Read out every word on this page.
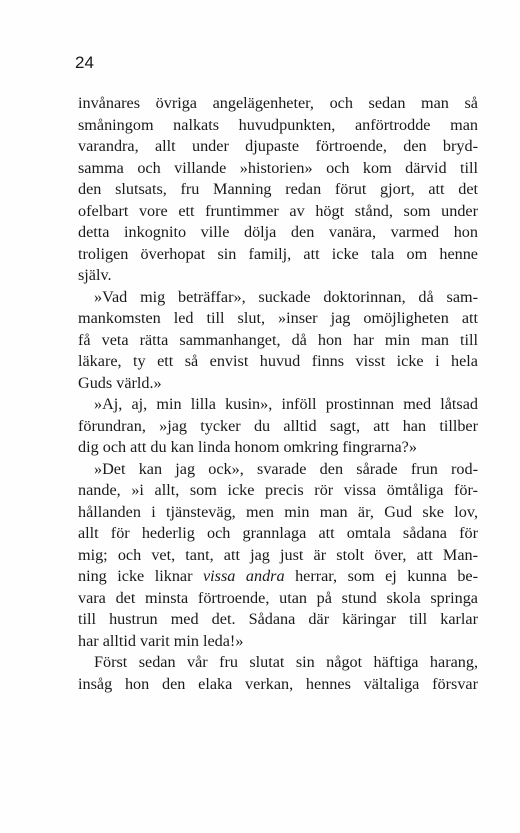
24
invånares övriga angelägenheter, och sedan man så
småningom nalkats huvudpunkten, anförtrodde man
varandra, allt under djupaste förtroende, den bryd-
samma och villande »historien» och kom därvid till
den slutsats, fru Manning redan förut gjort, att det
ofelbart vore ett fruntimmer av högt stånd, som under
detta inkognito ville dölja den vanära, varmed hon
troligen överhopat sin familj, att icke tala om henne
själv.
»Vad mig beträffar», suckade doktorinnan, då sam-
mankomsten led till slut, »inser jag omöjligheten att
få veta rätta sammanhanget, då hon har min man till
läkare, ty ett så envist huvud finns visst icke i hela
Guds värld.»
»Aj, aj, min lilla kusin», inföll prostinnan med låtsad
förundran, »jag tycker du alltid sagt, att han tillber
dig och att du kan linda honom omkring fingrarna?»
»Det kan jag ock», svarade den sårade frun rod-
nande, »i allt, som icke precis rör vissa ömtåliga för-
hållanden i tjänsteväg, men min man är, Gud ske lov,
allt för hederlig och grannlaga att omtala sådana för
mig; och vet, tant, att jag just är stolt över, att Man-
ning icke liknar vissa andra herrar, som ej kunna be-
vara det minsta förtroende, utan på stund skola springa
till hustrun med det. Sådana där käringar till karlar
har alltid varit min leda!»
Först sedan vår fru slutat sin något häftiga harang,
insåg hon den elaka verkan, hennes vältaliga försvar
